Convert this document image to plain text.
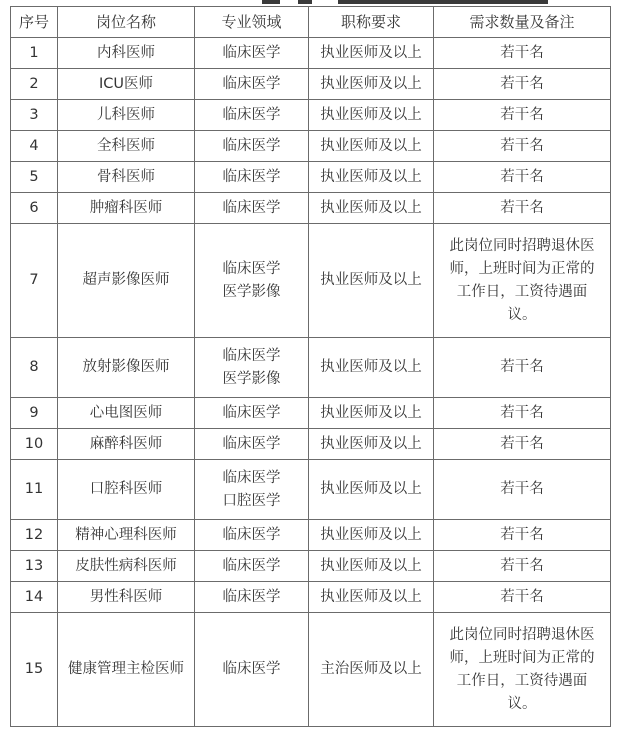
序号	岗位名称	专业领域	职称要求	需求数量及备注
1	内科医师	临床医学	执业医师及以上	若干名

2	ICU医师	临床医学	执业医师及以上	若干名

3	儿科医师	临床医学	执业医师及以上	若干名

4	全科医师	临床医学	执业医师及以上	若干名

5	骨科医师	临床医学	执业医师及以上	若干名

6	肿瘤科医师	临床医学	执业医师及以上	若干名

7	超声影像医师	临床医学
医学影像	执业医师及以上	此岗位同时招聘退休医
师，上班时间为正常的
工作日，工资待遇面
议。

8	放射影像医师	临床医学
医学影像	执业医师及以上	若干名

9	心电图医师	临床医学	执业医师及以上	若干名

10	麻醉科医师	临床医学	执业医师及以上	若干名

11	口腔科医师	临床医学
口腔医学	执业医师及以上	若干名

12	精神心理科医师	临床医学	执业医师及以上	若干名

13	皮肤性病科医师	临床医学	执业医师及以上	若干名

14	男性科医师	临床医学	执业医师及以上	若干名

15	健康管理主检医师	临床医学	主治医师及以上	此岗位同时招聘退休医
师，上班时间为正常的
工作日，工资待遇面
议。
